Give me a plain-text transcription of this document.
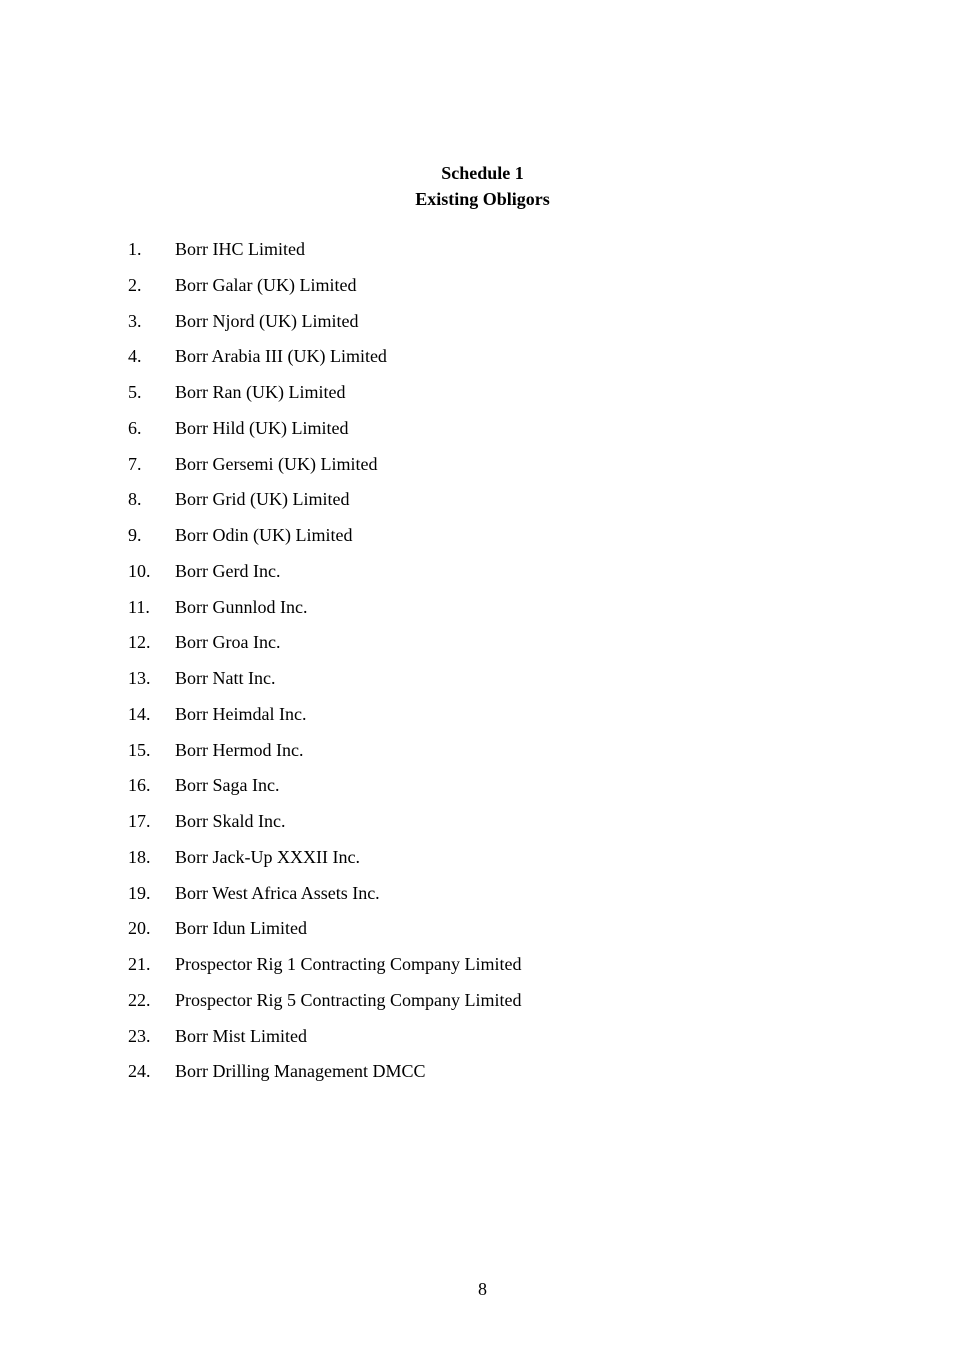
Schedule 1
Existing Obligors
1. Borr IHC Limited
2. Borr Galar (UK) Limited
3. Borr Njord (UK) Limited
4. Borr Arabia III (UK) Limited
5. Borr Ran (UK) Limited
6. Borr Hild (UK) Limited
7. Borr Gersemi (UK) Limited
8. Borr Grid (UK) Limited
9. Borr Odin (UK) Limited
10. Borr Gerd Inc.
11. Borr Gunnlod Inc.
12. Borr Groa Inc.
13. Borr Natt Inc.
14. Borr Heimdal Inc.
15. Borr Hermod Inc.
16. Borr Saga Inc.
17. Borr Skald Inc.
18. Borr Jack-Up XXXII Inc.
19. Borr West Africa Assets Inc.
20. Borr Idun Limited
21. Prospector Rig 1 Contracting Company Limited
22. Prospector Rig 5 Contracting Company Limited
23. Borr Mist Limited
24. Borr Drilling Management DMCC
8
